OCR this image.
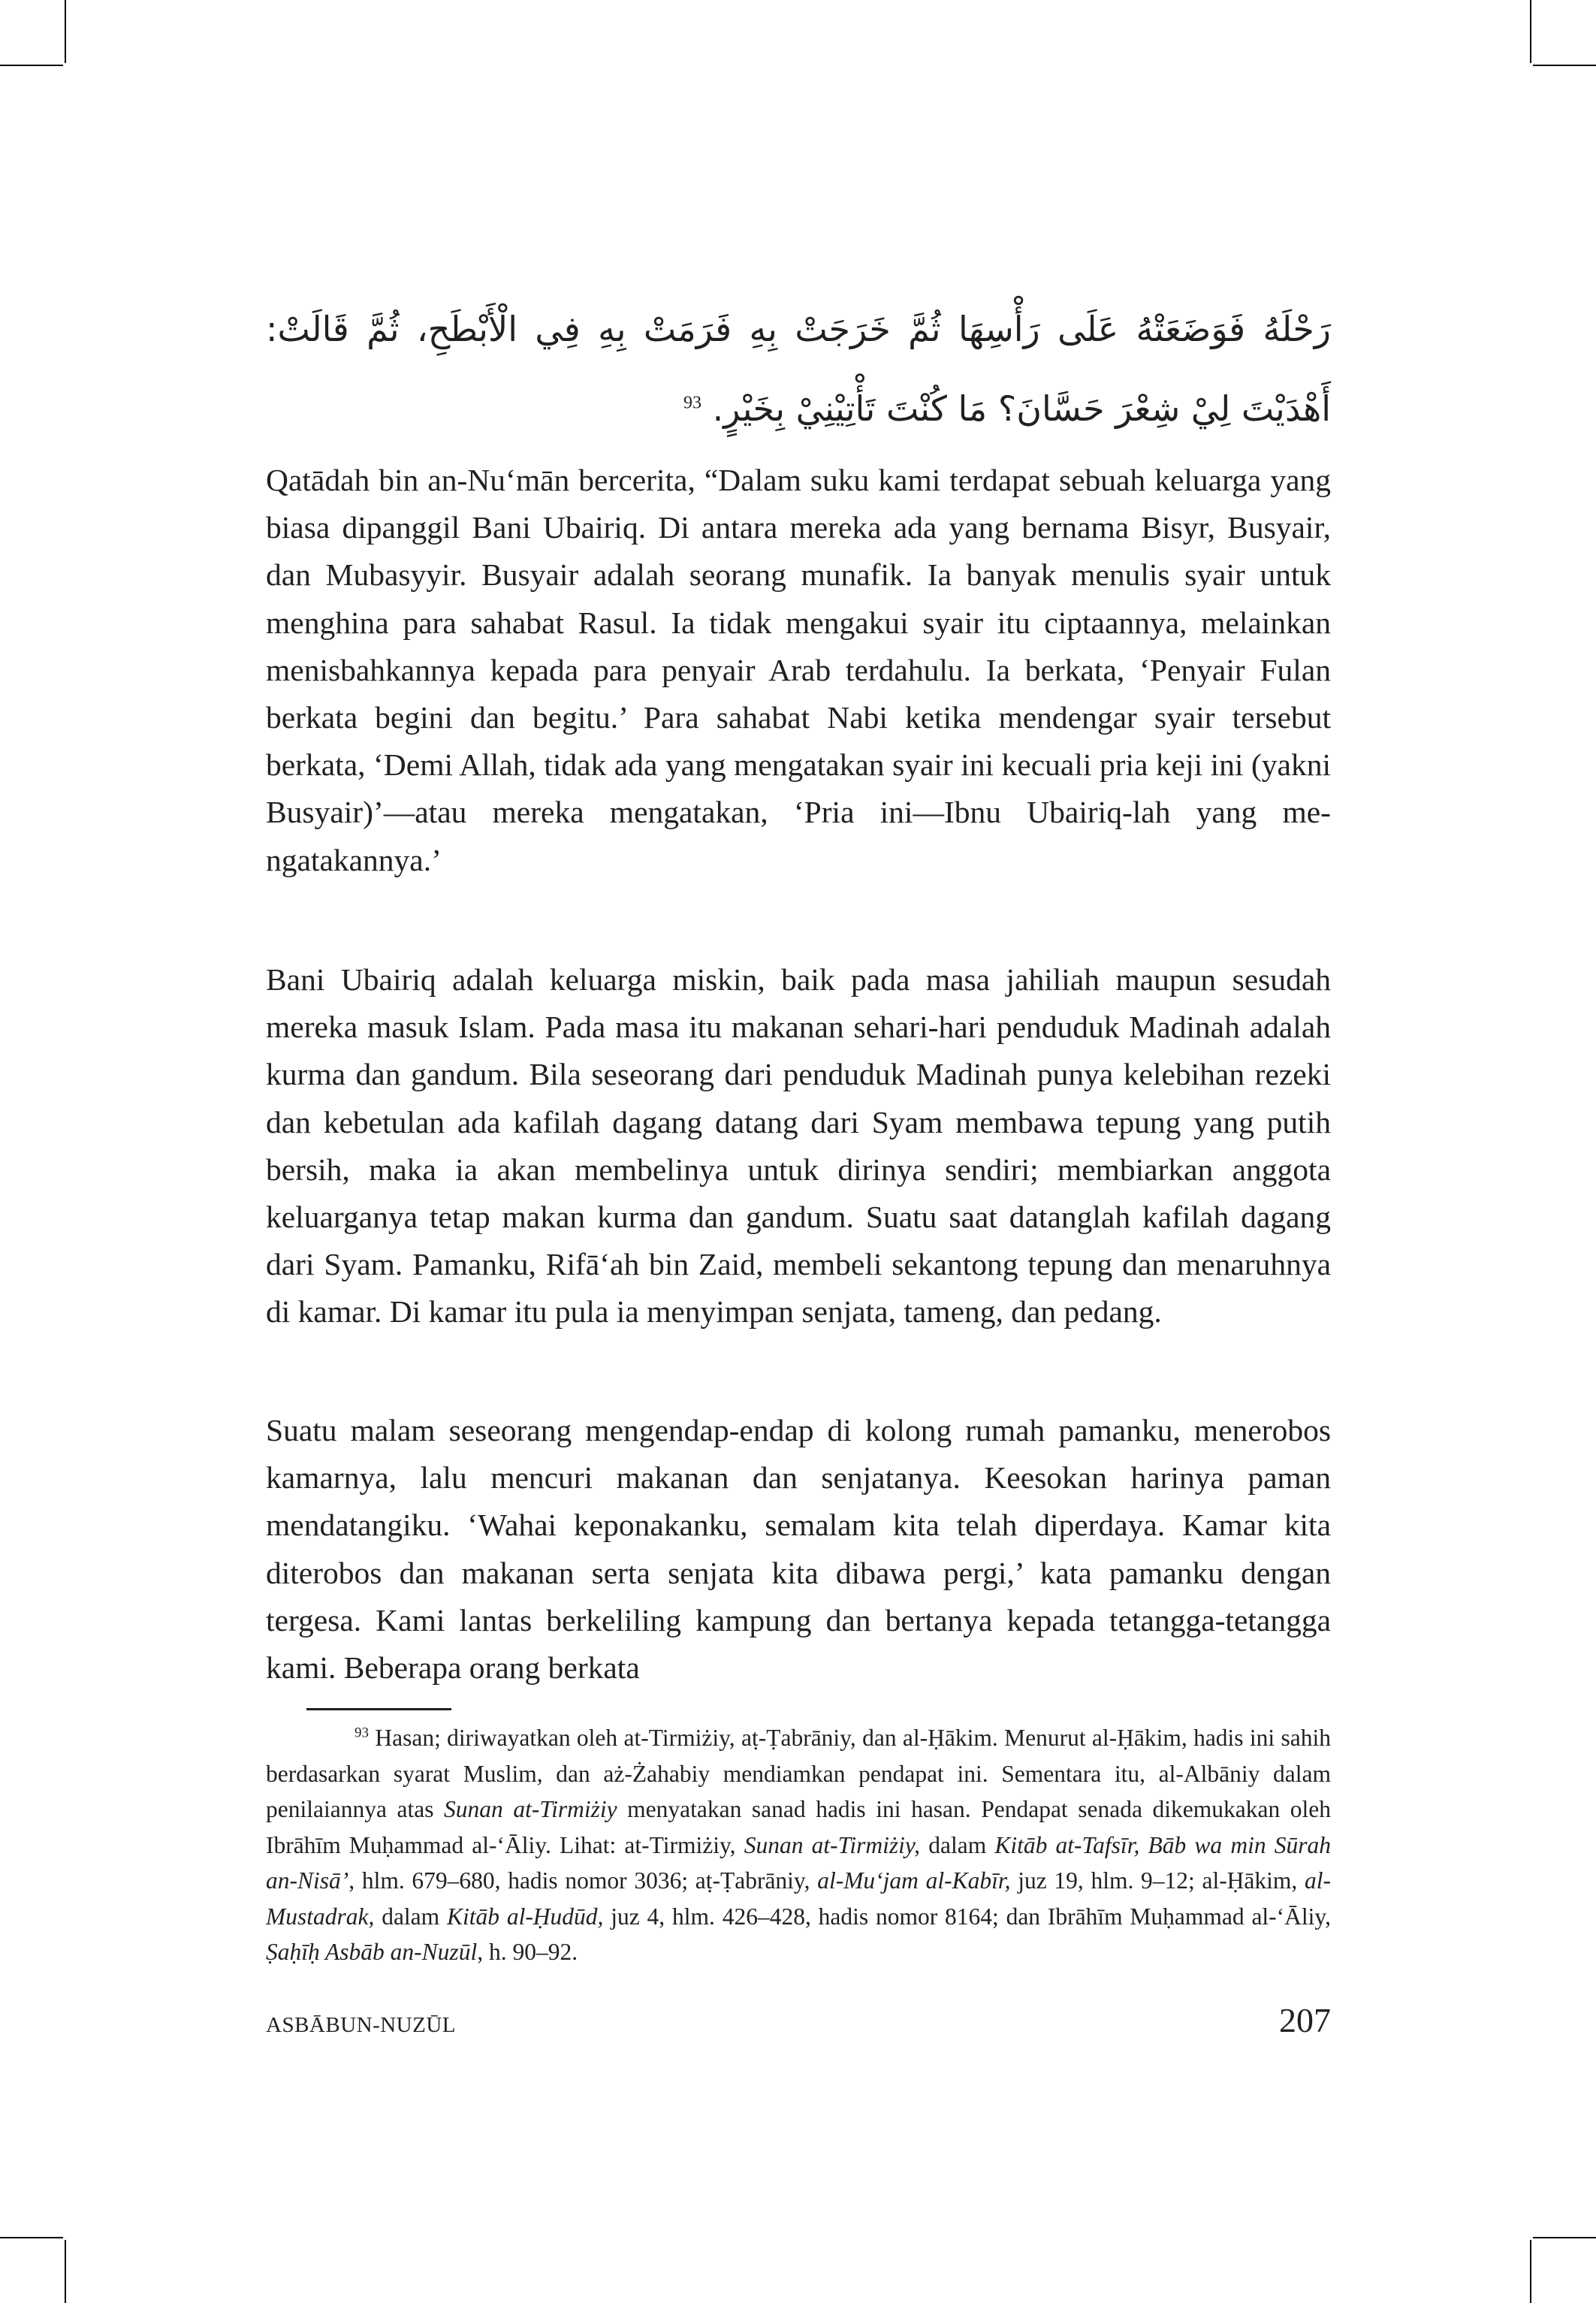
رَحْلَهُ فَوَضَعَتْهُ عَلَى رَأْسِهَا ثُمَّ خَرَجَتْ بِهِ فَرَمَتْ بِهِ فِي الْأَبْطَحِ، ثُمَّ قَالَتْ: أَهْدَيْتَ لِيْ شِعْرَ حَسَّانَ؟ مَا كُنْتَ تَأْتِيْنِيْ بِخَيْرٍ. $^{93}$

Qatādah bin an-Nuʻmān bercerita, “Dalam suku kami terdapat sebuah keluarga yang biasa dipanggil Bani Ubairiq. Di antara mereka ada yang bernama Bisyr, Busyair, dan Mubasyyir. Busyair adalah seorang munafik. Ia banyak menulis syair untuk menghina para sahabat Rasul. Ia tidak mengakui syair itu ciptaannya, melainkan menisbahkannya kepada para penyair Arab terdahulu. Ia berkata, ‘Penyair Fulan berkata begini dan begitu.’ Para sahabat Nabi ketika mendengar syair tersebut berkata, ‘Demi Allah, tidak ada yang mengatakan syair ini kecuali pria keji ini (yakni Busyair)’—atau mereka mengatakan, ‘Pria ini—Ibnu Ubairiq-lah yang mengatakannya.’

Bani Ubairiq adalah keluarga miskin, baik pada masa jahiliah maupun sesudah mereka masuk Islam. Pada masa itu makanan sehari-hari penduduk Madinah adalah kurma dan gandum. Bila seseorang dari penduduk Madinah punya kelebihan rezeki dan kebetulan ada kafilah dagang datang dari Syam membawa tepung yang putih bersih, maka ia akan membelinya untuk dirinya sendiri; membiarkan anggota keluarganya tetap makan kurma dan gandum. Suatu saat datanglah kafilah dagang dari Syam. Pamanku, Rifāʻah bin Zaid, membeli sekantong tepung dan menaruhnya di kamar. Di kamar itu pula ia menyimpan senjata, tameng, dan pedang.

Suatu malam seseorang mengendap-endap di kolong rumah pamanku, menerobos kamarnya, lalu mencuri makanan dan senjatanya. Keesokan harinya paman mendatangiku. ‘Wahai keponakanku, semalam kita telah diperdaya. Kamar kita diterobos dan makanan serta senjata kita dibawa pergi,’ kata pamanku dengan tergesa. Kami lantas berkeliling kampung dan bertanya kepada tetangga-tetangga kami. Beberapa orang berkata

$^{93}$ Hasan; diriwayatkan oleh at-Tirmiżiy, aṭ-Ṭabrāniy, dan al-Ḥākim. Menurut al-Ḥākim, hadis ini sahih berdasarkan syarat Muslim, dan aż-Żahabiy mendiamkan pendapat ini. Sementara itu, al-Albāniy dalam penilaiannya atas Sunan at-Tirmiżiy menyatakan sanad hadis ini hasan. Pendapat senada dikemukakan oleh Ibrāhīm Muḥammad al-ʻĀliy. Lihat: at-Tirmiżiy, Sunan at-Tirmiżiy, dalam Kitāb at-Tafsīr, Bāb wa min Sūrah an-Nisā’, hlm. 679–680, hadis nomor 3036; aṭ-Ṭabrāniy, al-Muʻjam al-Kabīr, juz 19, hlm. 9–12; al-Ḥākim, al-Mustadrak, dalam Kitāb al-Ḥudūd, juz 4, hlm. 426–428, hadis nomor 8164; dan Ibrāhīm Muḥammad al-ʻĀliy, Ṣaḥīḥ Asbāb an-Nuzūl, h. 90–92.

ASBĀBUN-NUZŪL	207
